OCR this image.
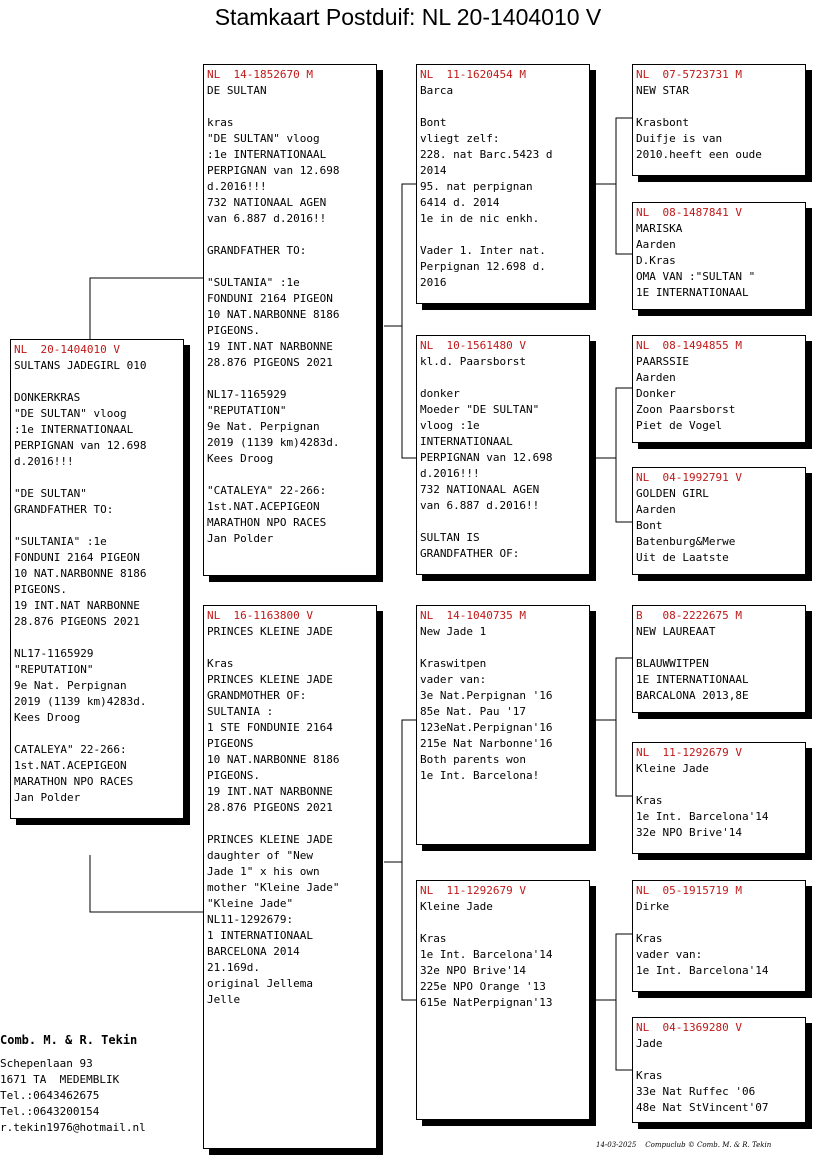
Stamkaart Postduif: NL 20-1404010 V
NL  20-1404010 V
SULTANS JADEGIRL 010

DONKERKRAS
"DE SULTAN" vloog
:1e INTERNATIONAAL
PERPIGNAN van 12.698
d.2016!!!

"DE SULTAN"
GRANDFATHER TO:

"SULTANIA" :1e
FONDUNI 2164 PIGEON
10 NAT.NARBONNE 8186
PIGEONS.
19 INT.NAT NARBONNE
28.876 PIGEONS 2021

NL17-1165929
"REPUTATION"
9e Nat. Perpignan
2019 (1139 km)4283d.
Kees Droog

CATALEYA" 22-266:
1st.NAT.ACEPIGEON
MARATHON NPO RACES
Jan Polder
NL  14-1852670 M
DE SULTAN

kras
"DE SULTAN" vloog
:1e INTERNATIONAAL
PERPIGNAN van 12.698
d.2016!!!
732 NATIONAAL AGEN
van 6.887 d.2016!!

GRANDFATHER TO:

"SULTANIA" :1e
FONDUNI 2164 PIGEON
10 NAT.NARBONNE 8186
PIGEONS.
19 INT.NAT NARBONNE
28.876 PIGEONS 2021

NL17-1165929
"REPUTATION"
9e Nat. Perpignan
2019 (1139 km)4283d.
Kees Droog

"CATALEYA" 22-266:
1st.NAT.ACEPIGEON
MARATHON NPO RACES
Jan Polder
NL  16-1163800 V
PRINCES KLEINE JADE

Kras
PRINCES KLEINE JADE
GRANDMOTHER OF:
SULTANIA :
1 STE FONDUNIE 2164
PIGEONS
10 NAT.NARBONNE 8186
PIGEONS.
19 INT.NAT NARBONNE
28.876 PIGEONS 2021

PRINCES KLEINE JADE
daughter of "New
Jade 1" x his own
mother "Kleine Jade"
"Kleine Jade"
NL11-1292679:
1 INTERNATIONAAL
BARCELONA 2014
21.169d.
original Jellema
Jelle
NL  11-1620454 M
Barca

Bont
vliegt zelf:
228. nat Barc.5423 d
2014
95. nat perpignan
6414 d. 2014
1e in de nic enkh.

Vader 1. Inter nat.
Perpignan 12.698 d.
2016
NL  10-1561480 V
kl.d. Paarsborst

donker
Moeder "DE SULTAN"
vloog :1e
INTERNATIONAAL
PERPIGNAN van 12.698
d.2016!!!
732 NATIONAAL AGEN
van 6.887 d.2016!!

SULTAN IS
GRANDFATHER OF:
NL  14-1040735 M
New Jade 1

Kraswitpen
vader van:
3e Nat.Perpignan '16
85e Nat. Pau '17
123eNat.Perpignan'16
215e Nat Narbonne'16
Both parents won
1e Int. Barcelona!
NL  11-1292679 V
Kleine Jade

Kras
1e Int. Barcelona'14
32e NPO Brive'14
225e NPO Orange '13
615e NatPerpignan'13
NL  07-5723731 M
NEW STAR

Krasbont
Duifje is van
2010.heeft een oude
NL  08-1487841 V
MARISKA
Aarden
D.Kras
OMA VAN :"SULTAN "
1E INTERNATIONAAL
NL  08-1494855 M
PAARSSIE
Aarden
Donker
Zoon Paarsborst
Piet de Vogel
NL  04-1992791 V
GOLDEN GIRL
Aarden
Bont
Batenburg&Merwe
Uit de Laatste
B   08-2222675 M
NEW LAUREAAT

BLAUWWITPEN
1E INTERNATIONAAL
BARCALONA 2013,8E
NL  11-1292679 V
Kleine Jade

Kras
1e Int. Barcelona'14
32e NPO Brive'14
NL  05-1915719 M
Dirke

Kras
vader van:
1e Int. Barcelona'14
NL  04-1369280 V
Jade

Kras
33e Nat Ruffec '06
48e Nat StVincent'07
Comb. M. & R. Tekin
Schepenlaan 93
1671 TA  MEDEMBLIK
Tel.:0643462675
Tel.:0643200154
r.tekin1976@hotmail.nl
14-03-2025    Compuclub © Comb. M. & R. Tekin
